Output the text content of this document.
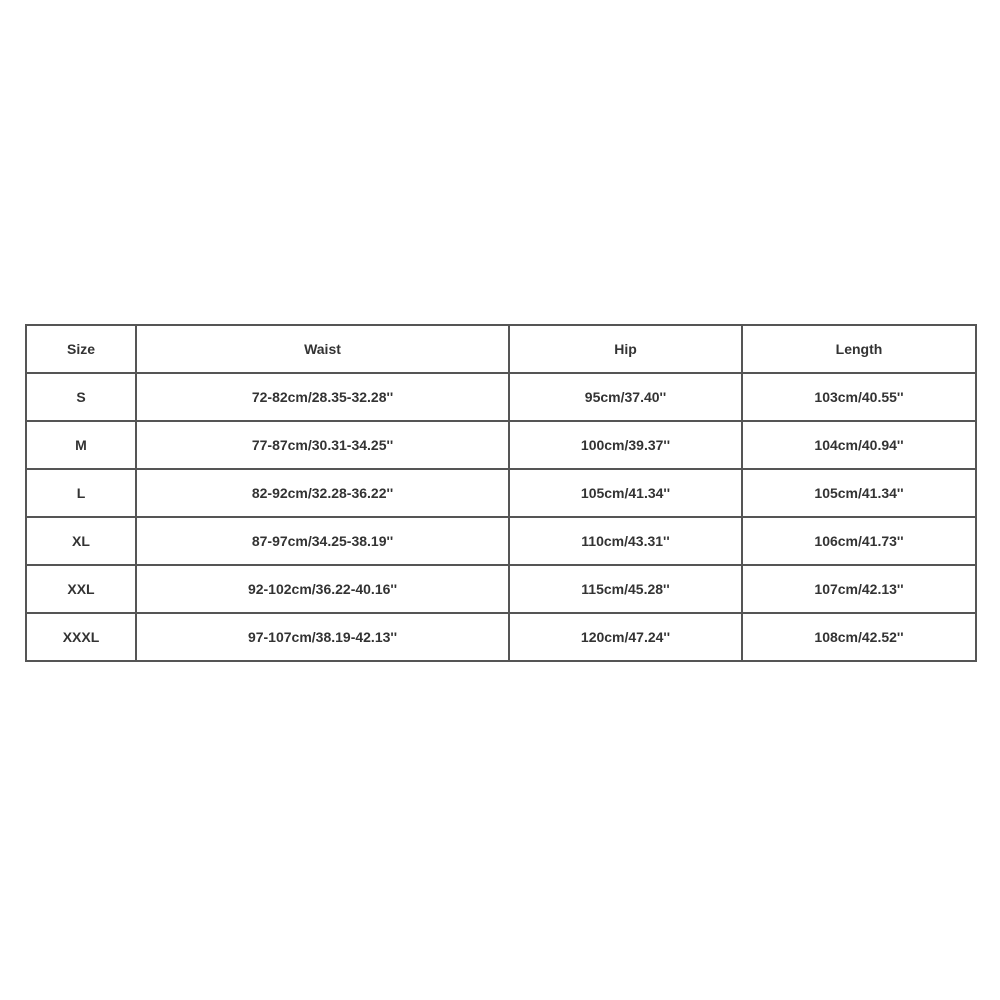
Size	Waist	Hip	Length
S	72-82cm/28.35-32.28''	95cm/37.40''	103cm/40.55''
M	77-87cm/30.31-34.25''	100cm/39.37''	104cm/40.94''
L	82-92cm/32.28-36.22''	105cm/41.34''	105cm/41.34''
XL	87-97cm/34.25-38.19''	110cm/43.31''	106cm/41.73''
XXL	92-102cm/36.22-40.16''	115cm/45.28''	107cm/42.13''
XXXL	97-107cm/38.19-42.13''	120cm/47.24''	108cm/42.52''
